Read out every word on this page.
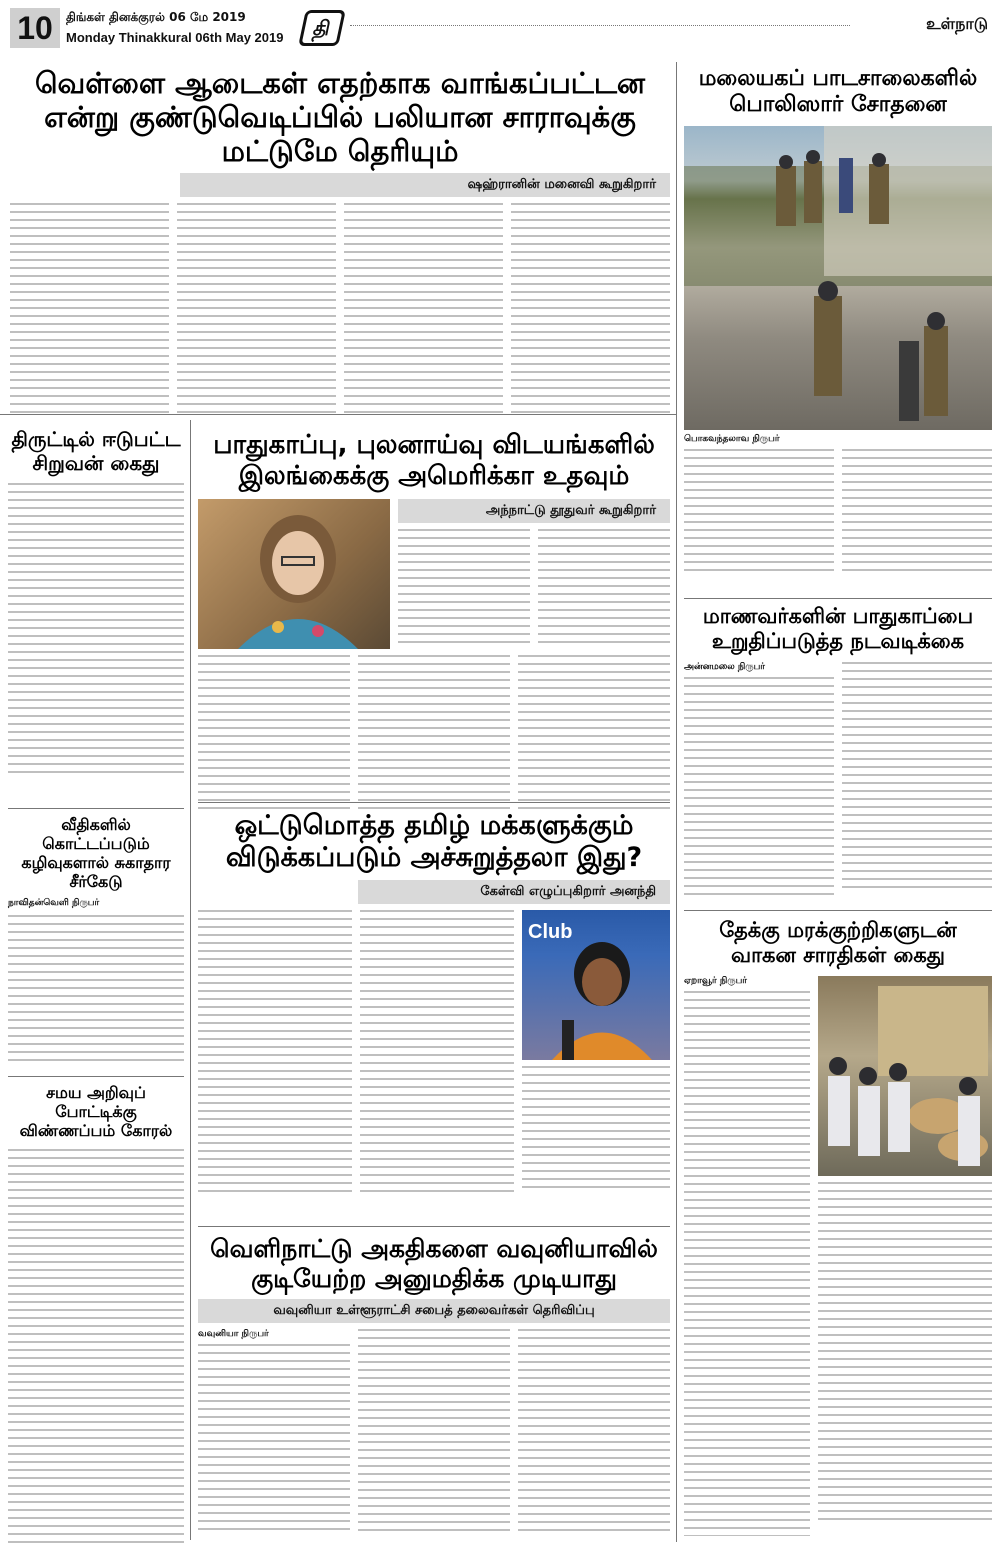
10	திங்கள் தினக்குரல் 06 மே 2019
Monday Thinakkural 06th May 2019	தி	உள்நாடு
வெள்ளை ஆடைகள் எதற்காக வாங்கப்பட்டன என்று குண்டுவெடிப்பில் பலியான சாராவுக்கு மட்டுமே தெரியும்
ஷஹ்ரானின் மனைவி கூறுகிறார்
மலையகப் பாடசாலைகளில் பொலிஸார் சோதனை
பொகவந்தலாவ நிருபர்
மாணவர்களின் பாதுகாப்பை உறுதிப்படுத்த நடவடிக்கை
அன்னமலை நிருபர்
தேக்கு மரக்குற்றிகளுடன் வாகன சாரதிகள் கைது
ஏறாவூர் நிருபர்
திருட்டில் ஈடுபட்ட சிறுவன் கைது
வீதிகளில் கொட்டப்படும் கழிவுகளால் சுகாதார சீர்கேடு
நாவிதன்வெளி நிருபர்
சமய அறிவுப் போட்டிக்கு விண்ணப்பம் கோரல்
பாதுகாப்பு, புலனாய்வு விடயங்களில் இலங்கைக்கு அமெரிக்கா உதவும்
அந்நாட்டு தூதுவர் கூறுகிறார்
ஒட்டுமொத்த தமிழ் மக்களுக்கும் விடுக்கப்படும் அச்சுறுத்தலா இது?
கேள்வி எழுப்புகிறார் அனந்தி
Club
வெளிநாட்டு அகதிகளை வவுனியாவில் குடியேற்ற அனுமதிக்க முடியாது
வவுனியா உள்ளூராட்சி சபைத் தலைவர்கள் தெரிவிப்பு
வவுனியா நிருபர்
